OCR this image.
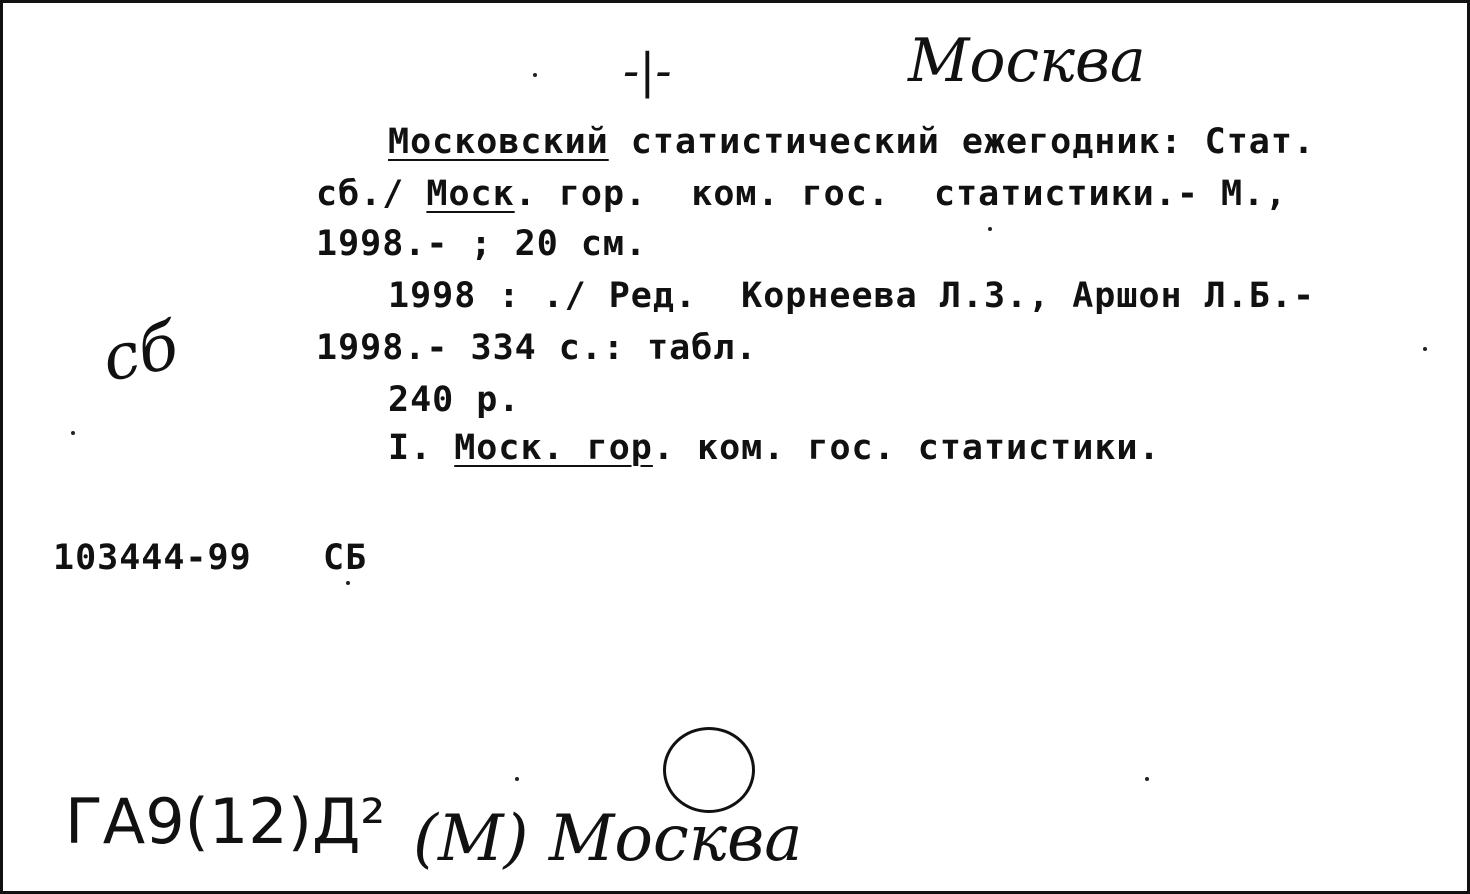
-|-	Москва
Московский статистический ежегодник: Стат.
сб./ Моск. гор.  ком. гос.  статистики.- М.,
1998.- ; 20 см.
1998 : ./ Ред.  Корнеева Л.З., Аршон Л.Б.-
1998.- 334 с.: табл.
240 р.
I. Моск. гор. ком. гос. статистики.
сб
103444-99 СБ
ГА9(12)Д² (М) Москва
